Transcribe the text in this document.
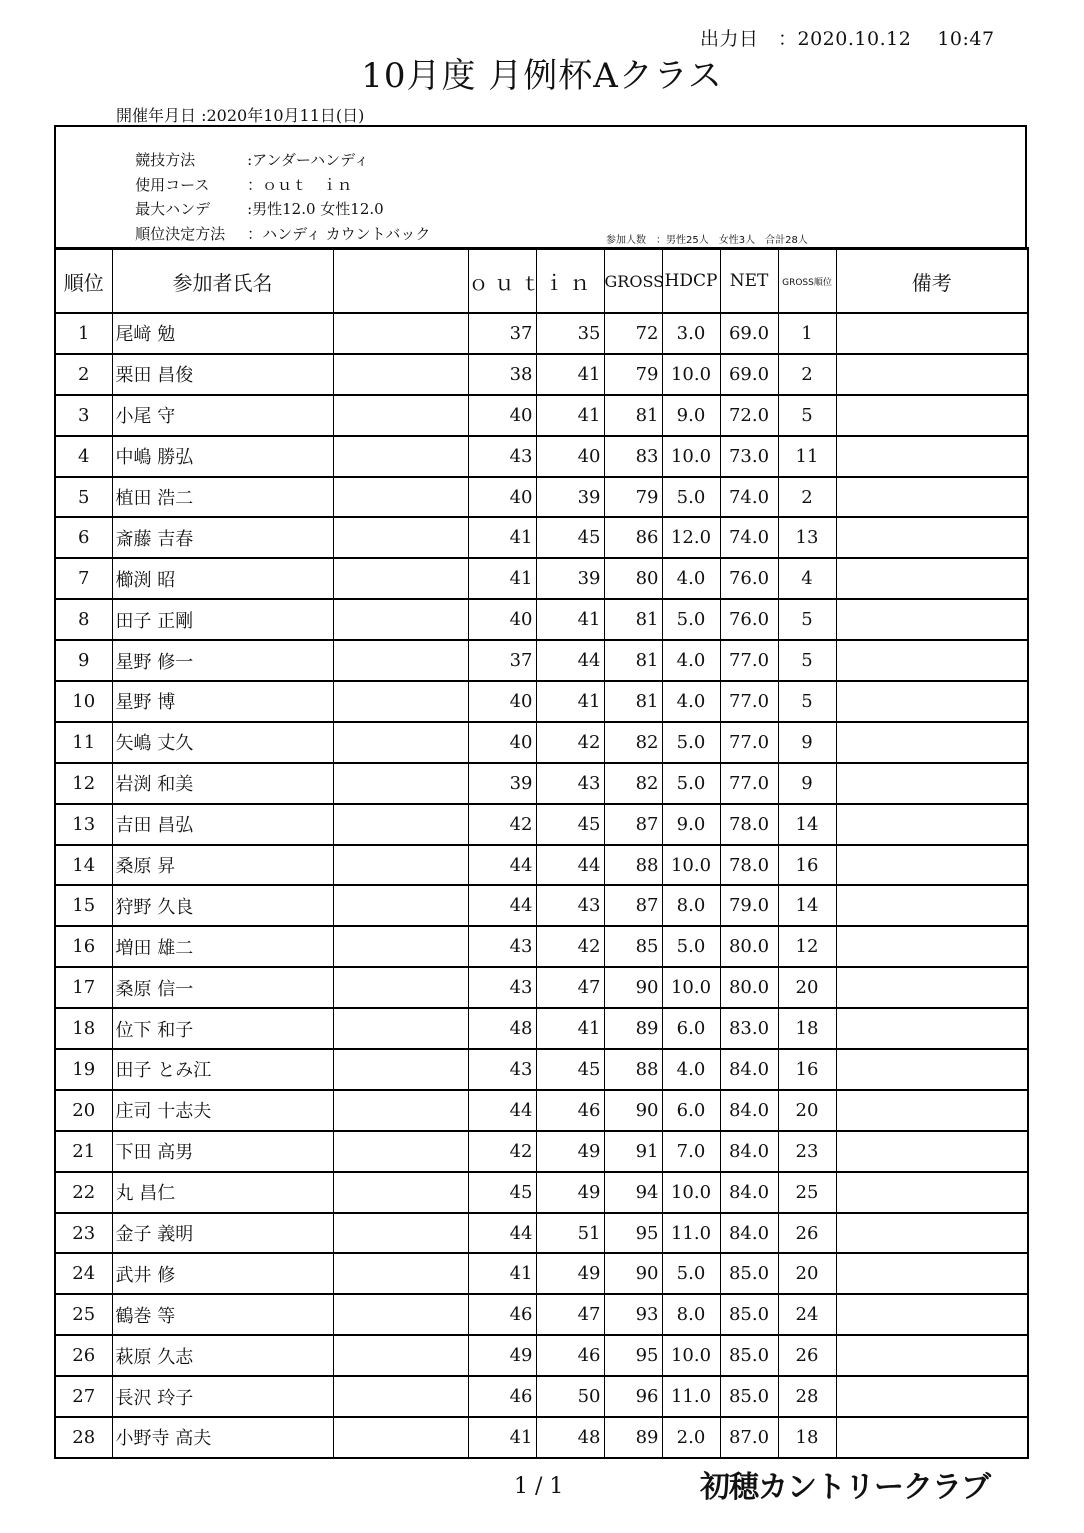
出力日　：2020.10.12　 10:47
10月度 月例杯Aクラス
開催年月日 :2020年10月11日(日)

競技方法	:アンダーハンディ

使用コース	：ｏｕｔ　ｉｎ

最大ハンデ :男性12.0 女性12.0

順位決定方法 ：ハンディ カウントバック
	参加人数　：男性25人　女性3人　合計28人
順位	参加者氏名		ｏｕｔ	ｉｎ	GROSS	HDCP	NET	GROSS順位	備考
1	尾﨑 勉		37	35	72	3.0	69.0	1	
2	栗田 昌俊		38	41	79	10.0	69.0	2	
3	小尾 守		40	41	81	9.0	72.0	5	
4	中嶋 勝弘		43	40	83	10.0	73.0	11	
5	植田 浩二		40	39	79	5.0	74.0	2	
6	斎藤 吉春		41	45	86	12.0	74.0	13	
7	櫛渕 昭		41	39	80	4.0	76.0	4	
8	田子 正剛		40	41	81	5.0	76.0	5	
9	星野 修一		37	44	81	4.0	77.0	5	
10	星野 博		40	41	81	4.0	77.0	5	
11	矢嶋 丈久		40	42	82	5.0	77.0	9	
12	岩渕 和美		39	43	82	5.0	77.0	9	
13	吉田 昌弘		42	45	87	9.0	78.0	14	
14	桑原 昇		44	44	88	10.0	78.0	16	
15	狩野 久良		44	43	87	8.0	79.0	14	
16	増田 雄二		43	42	85	5.0	80.0	12	
17	桑原 信一		43	47	90	10.0	80.0	20	
18	位下 和子		48	41	89	6.0	83.0	18	
19	田子 とみ江		43	45	88	4.0	84.0	16	
20	庄司 十志夫		44	46	90	6.0	84.0	20	
21	下田 高男		42	49	91	7.0	84.0	23	
22	丸 昌仁		45	49	94	10.0	84.0	25	
23	金子 義明		44	51	95	11.0	84.0	26	
24	武井 修		41	49	90	5.0	85.0	20	
25	鶴巻 等		46	47	93	8.0	85.0	24	
26	萩原 久志		49	46	95	10.0	85.0	26	
27	長沢 玲子		46	50	96	11.0	85.0	28	
28	小野寺 高夫		41	48	89	2.0	87.0	18	
1 / 1	初穂カントリークラブ
